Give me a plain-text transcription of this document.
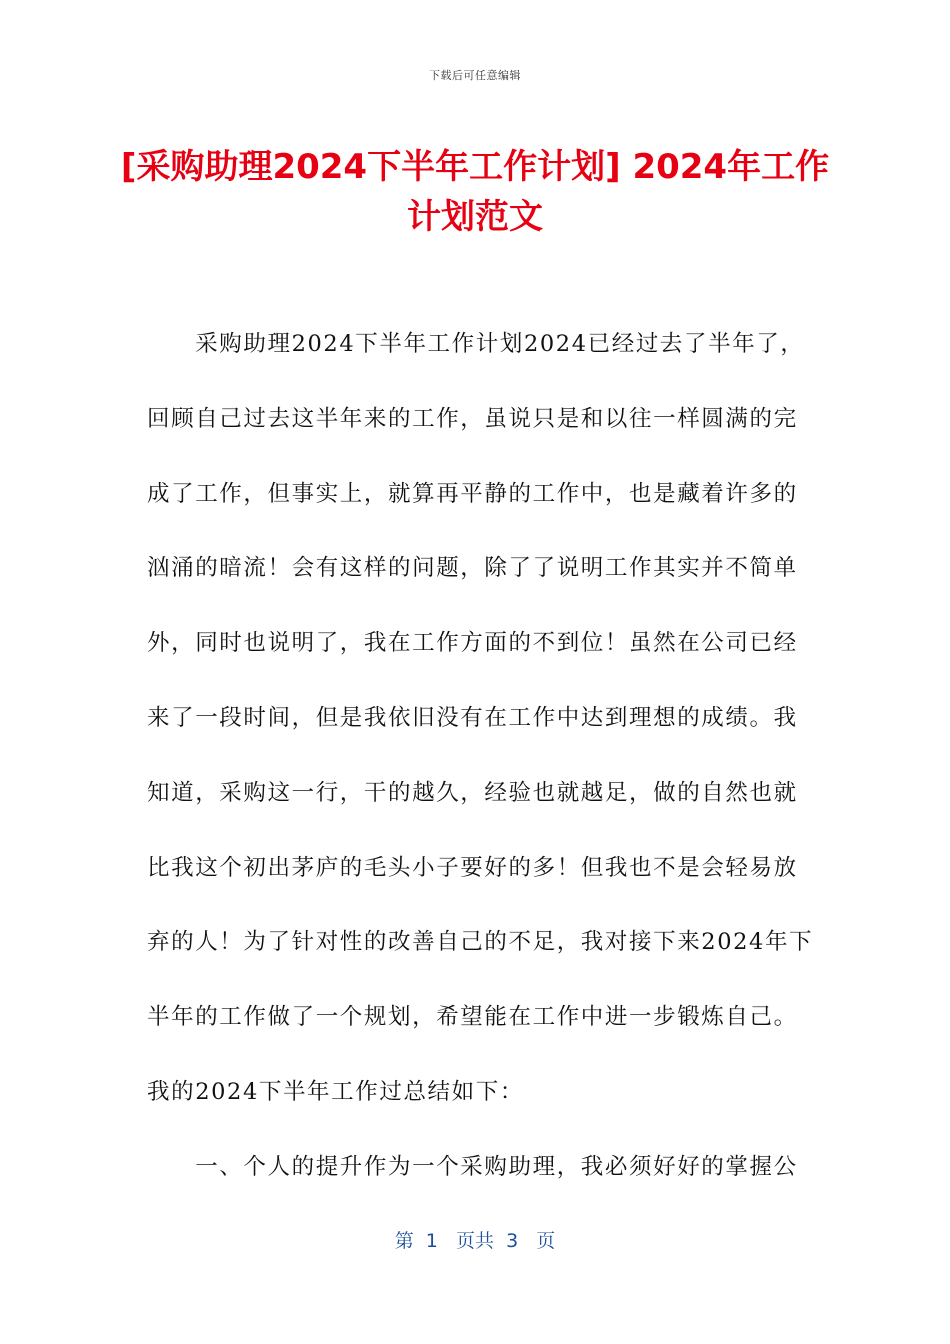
下载后可任意编辑
[采购助理2024下半年工作计划] 2024年工作计划范文
　　采购助理2024下半年工作计划2024已经过去了半年了，
回顾自己过去这半年来的工作，虽说只是和以往一样圆满的完
成了工作，但事实上，就算再平静的工作中，也是藏着许多的
汹涌的暗流！会有这样的问题，除了了说明工作其实并不简单
外，同时也说明了，我在工作方面的不到位！虽然在公司已经
来了一段时间，但是我依旧没有在工作中达到理想的成绩。我
知道，采购这一行，干的越久，经验也就越足，做的自然也就
比我这个初出茅庐的毛头小子要好的多！但我也不是会轻易放
弃的人！为了针对性的改善自己的不足，我对接下来2024年下
半年的工作做了一个规划，希望能在工作中进一步锻炼自己。
我的2024下半年工作过总结如下：
　　一、个人的提升作为一个采购助理，我必须好好的掌握公
第  1   页共  3   页
